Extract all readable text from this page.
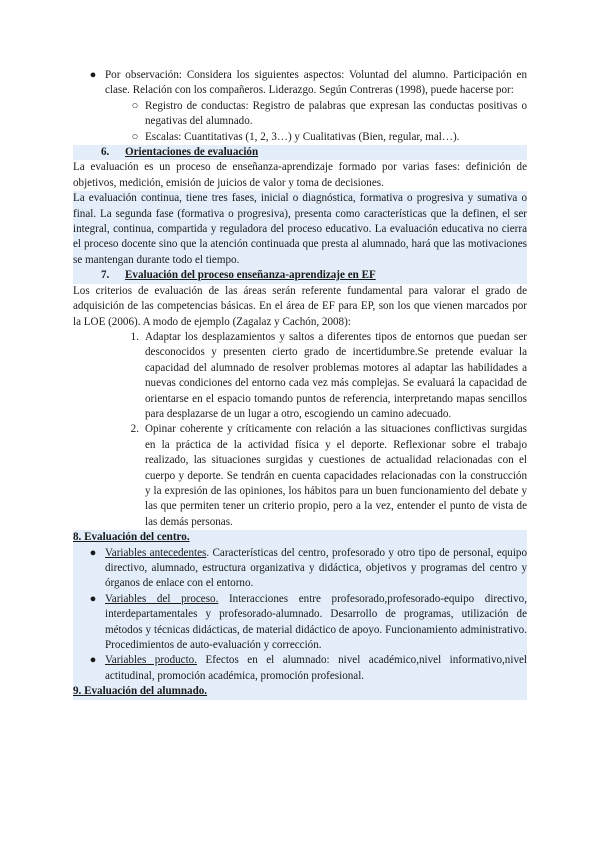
● Por observación: Considera los siguientes aspectos: Voluntad del alumno. Participación en clase. Relación con los compañeros. Liderazgo. Según Contreras (1998), puede hacerse por:

○ Registro de conductas: Registro de palabras que expresan las conductas positivas o negativas del alumnado.

○ Escalas: Cuantitativas (1, 2, 3…) y Cualitativas (Bien, regular, mal…).

6. Orientaciones de evaluación

La evaluación es un proceso de enseñanza-aprendizaje formado por varias fases: definición de objetivos, medición, emisión de juicios de valor y toma de decisiones.

La evaluación continua, tiene tres fases, inicial o diagnóstica, formativa o progresiva y sumativa o final. La segunda fase (formativa o progresiva), presenta como características que la definen, el ser integral, continua, compartida y reguladora del proceso educativo. La evaluación educativa no cierra el proceso docente sino que la atención continuada que presta al alumnado, hará que las motivaciones se mantengan durante todo el tiempo.

7. Evaluación del proceso enseñanza-aprendizaje en EF

Los criterios de evaluación de las áreas serán referente fundamental para valorar el grado de adquisición de las competencias básicas. En el área de EF para EP, son los que vienen marcados por la LOE (2006). A modo de ejemplo (Zagalaz y Cachón, 2008):

1. Adaptar los desplazamientos y saltos a diferentes tipos de entornos que puedan ser desconocidos y presenten cierto grado de incertidumbre.Se pretende evaluar la capacidad del alumnado de resolver problemas motores al adaptar las habilidades a nuevas condiciones del entorno cada vez más complejas. Se evaluará la capacidad de orientarse en el espacio tomando puntos de referencia, interpretando mapas sencillos para desplazarse de un lugar a otro, escogiendo un camino adecuado.

2. Opinar coherente y críticamente con relación a las situaciones conflictivas surgidas en la práctica de la actividad física y el deporte. Reflexionar sobre el trabajo realizado, las situaciones surgidas y cuestiones de actualidad relacionadas con el cuerpo y deporte. Se tendrán en cuenta capacidades relacionadas con la construcción y la expresión de las opiniones, los hábitos para un buen funcionamiento del debate y las que permiten tener un criterio propio, pero a la vez, entender el punto de vista de las demás personas.

8. Evaluación del centro.
● Variables antecedentes. Características del centro, profesorado y otro tipo de personal, equipo directivo, alumnado, estructura organizativa y didáctica, objetivos y programas del centro y órganos de enlace con el entorno.

● Variables del proceso. Interacciones entre profesorado,profesorado-equipo directivo, interdepartamentales y profesorado-alumnado. Desarrollo de programas, utilización de métodos y técnicas didácticas, de material didáctico de apoyo. Funcionamiento administrativo. Procedimientos de auto-evaluación y corrección.

● Variables producto. Efectos en el alumnado: nivel académico,nivel informativo,nivel actitudinal, promoción académica, promoción profesional.

9. Evaluación del alumnado.
